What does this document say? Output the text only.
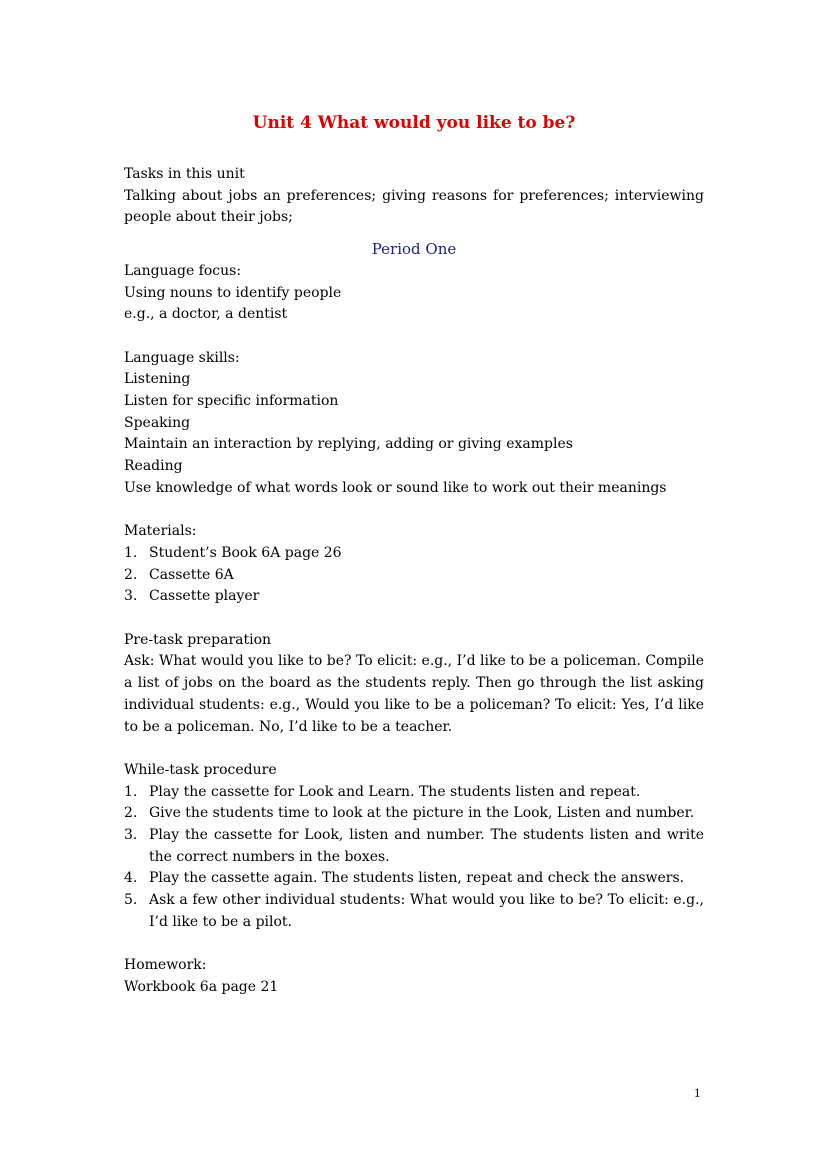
Unit 4 What would you like to be?
Tasks in this unit
Talking about jobs an preferences; giving reasons for preferences; interviewing people about their jobs;
Period One
Language focus:
Using nouns to identify people
e.g., a doctor, a dentist
Language skills:
Listening
Listen for specific information
Speaking
Maintain an interaction by replying, adding or giving examples
Reading
Use knowledge of what words look or sound like to work out their meanings
Materials:
1. Student’s Book 6A page 26
2. Cassette 6A
3. Cassette player
Pre-task preparation
Ask: What would you like to be? To elicit: e.g., I’d like to be a policeman. Compile a list of jobs on the board as the students reply. Then go through the list asking individual students: e.g., Would you like to be a policeman? To elicit: Yes, I’d like to be a policeman. No, I’d like to be a teacher.
While-task procedure
1. Play the cassette for Look and Learn. The students listen and repeat.
2. Give the students time to look at the picture in the Look, Listen and number.
3. Play the cassette for Look, listen and number. The students listen and write the correct numbers in the boxes.
4. Play the cassette again. The students listen, repeat and check the answers.
5. Ask a few other individual students: What would you like to be? To elicit: e.g., I’d like to be a pilot.
Homework:
Workbook 6a page 21
1
